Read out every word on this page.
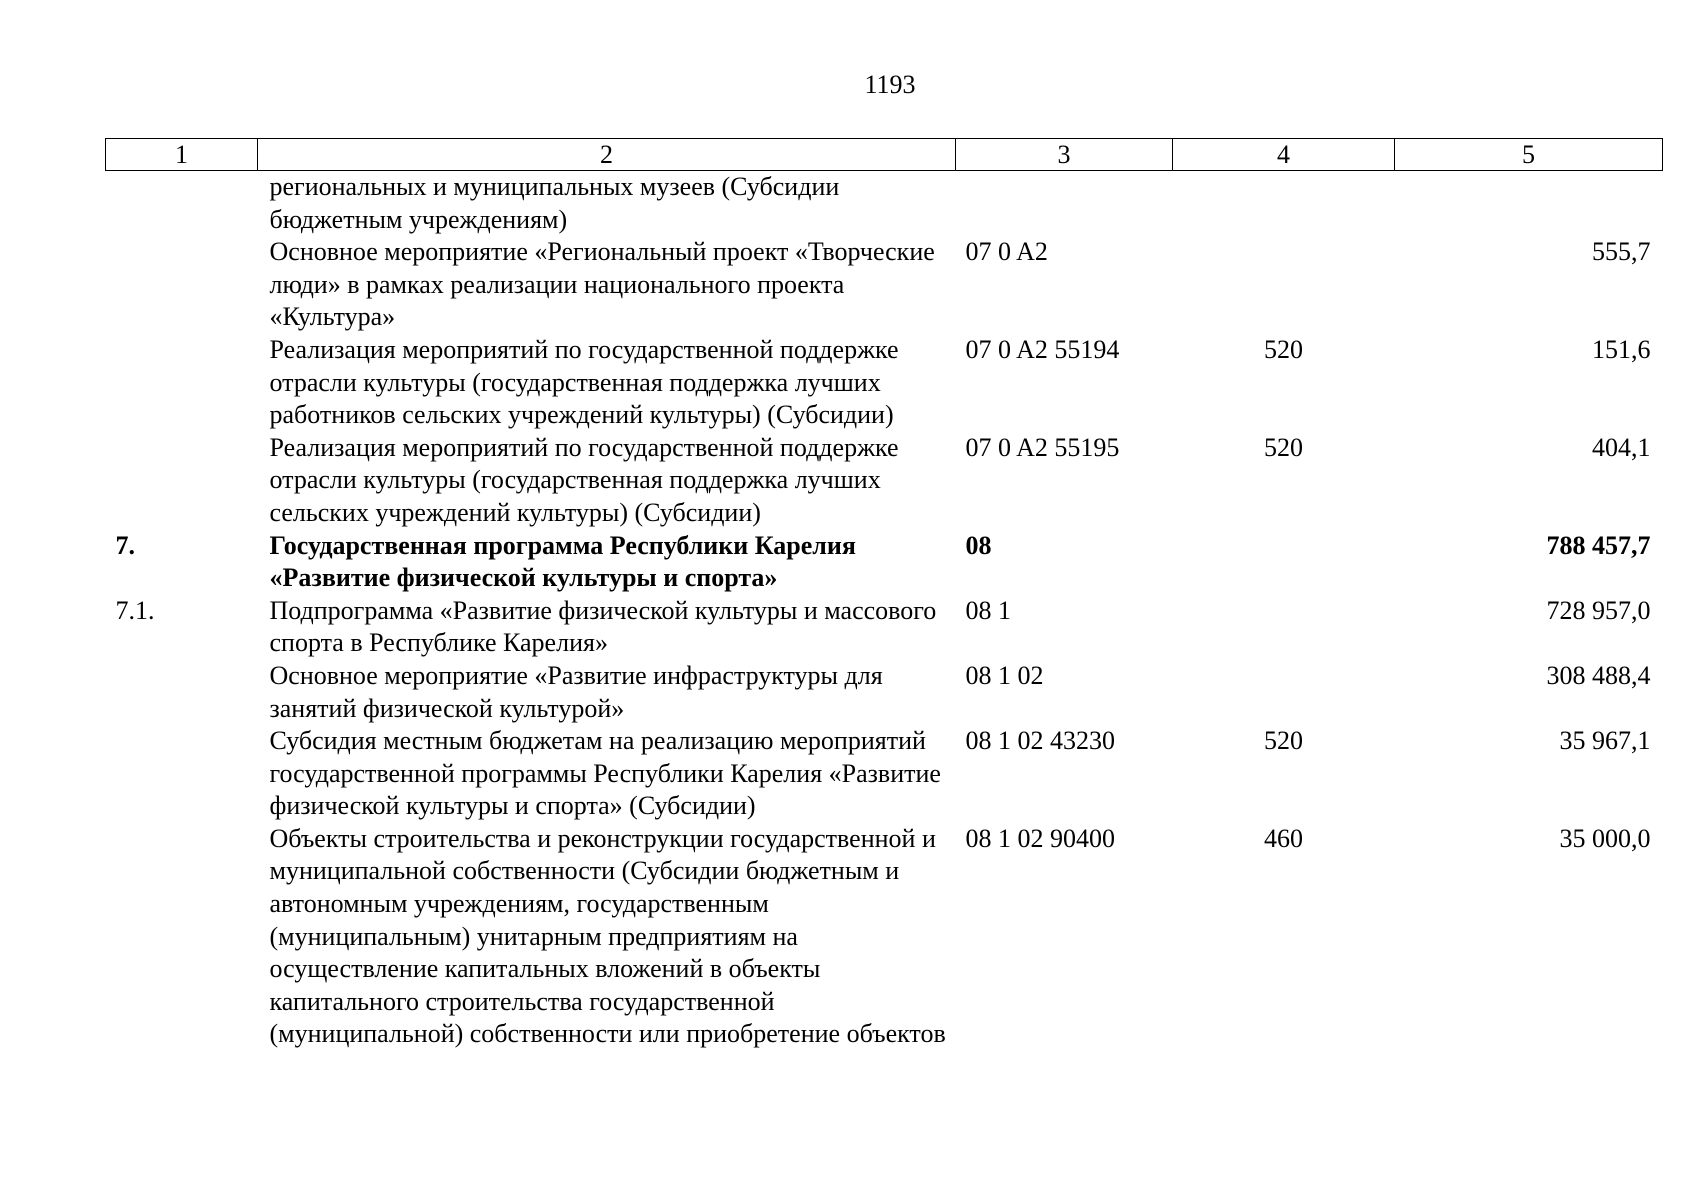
1193
1	2	3	4	5
	региональных и муниципальных музеев (Субсидии бюджетным учреждениям)			
	Основное мероприятие «Региональный проект «Творческие люди» в рамках реализации национального проекта «Культура»	07 0 A2		555,7
	Реализация мероприятий по государственной поддержке отрасли культуры (государственная поддержка лучших работников сельских учреждений культуры) (Субсидии)	07 0 A2 55194	520	151,6
	Реализация мероприятий по государственной поддержке отрасли культуры (государственная поддержка лучших сельских учреждений культуры) (Субсидии)	07 0 A2 55195	520	404,1
7.	Государственная программа Республики Карелия «Развитие физической культуры и спорта»	08		788 457,7
7.1.	Подпрограмма «Развитие физической культуры и массового спорта в Республике Карелия»	08 1		728 957,0
	Основное мероприятие «Развитие инфраструктуры для занятий физической культурой»	08 1 02		308 488,4
	Субсидия местным бюджетам на реализацию мероприятий государственной программы Республики Карелия «Развитие физической культуры и спорта» (Субсидии)	08 1 02 43230	520	35 967,1
	Объекты строительства и реконструкции государственной и муниципальной собственности (Субсидии бюджетным и автономным учреждениям, государственным (муниципальным) унитарным предприятиям на осуществление капитальных вложений в объекты капитального строительства государственной (муниципальной) собственности или приобретение объектов	08 1 02 90400	460	35 000,0
